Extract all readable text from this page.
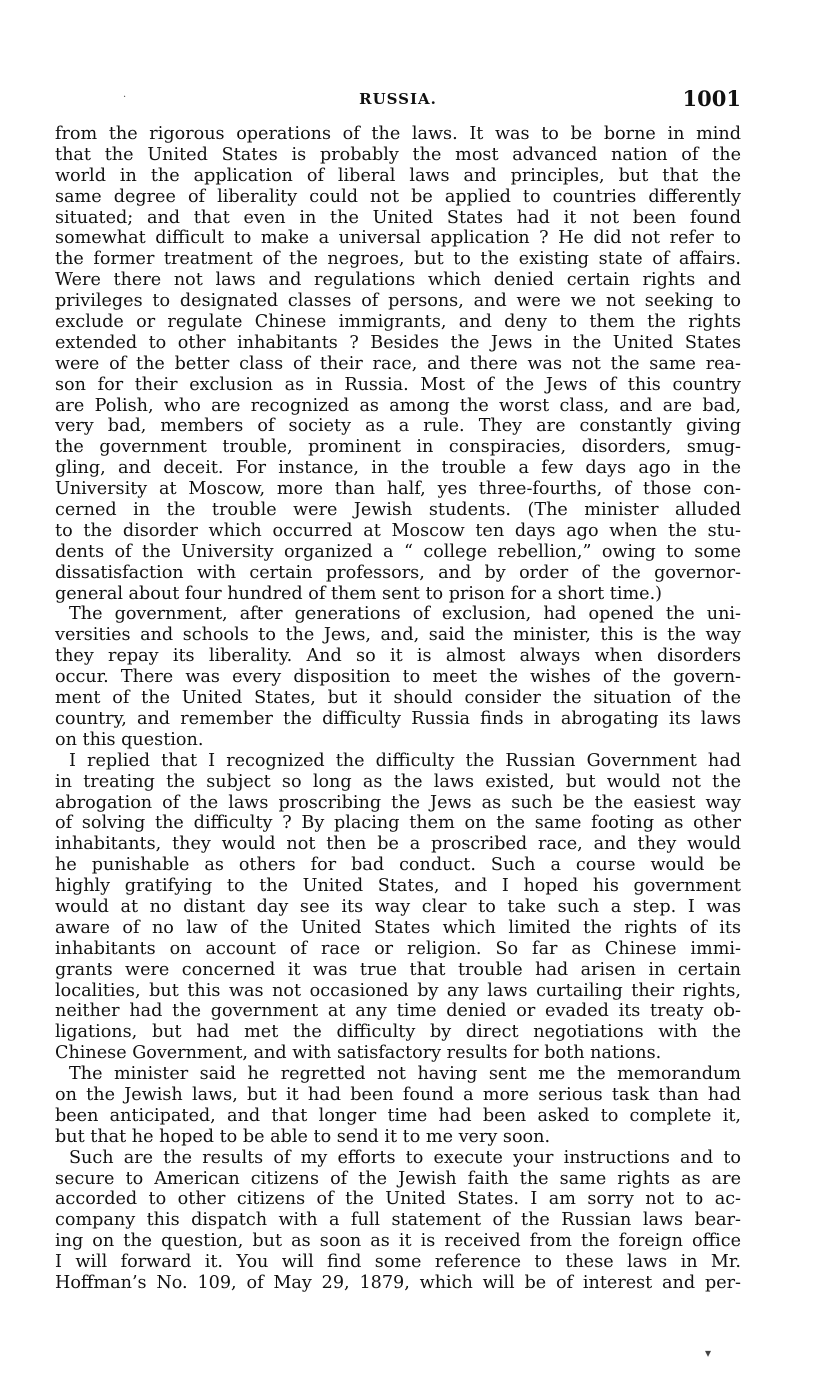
·	RUSSIA.	1001
from the rigorous operations of the laws. It was to be borne in mind
that the United States is probably the most advanced nation of the
world in the application of liberal laws and principles, but that the
same degree of liberality could not be applied to countries differently
situated; and that even in the United States had it not been found
somewhat difficult to make a universal application ? He did not refer to
the former treatment of the negroes, but to the existing state of affairs.
Were there not laws and regulations which denied certain rights and
privileges to designated classes of persons, and were we not seeking to
exclude or regulate Chinese immigrants, and deny to them the rights
extended to other inhabitants ? Besides the Jews in the United States
were of the better class of their race, and there was not the same rea-
son for their exclusion as in Russia. Most of the Jews of this country
are Polish, who are recognized as among the worst class, and are bad,
very bad, members of society as a rule. They are constantly giving
the government trouble, prominent in conspiracies, disorders, smug-
gling, and deceit. For instance, in the trouble a few days ago in the
University at Moscow, more than half, yes three-fourths, of those con-
cerned in the trouble were Jewish students. (The minister alluded
to the disorder which occurred at Moscow ten days ago when the stu-
dents of the University organized a “ college rebellion,” owing to some
dissatisfaction with certain professors, and by order of the governor-
general about four hundred of them sent to prison for a short time.)
The government, after generations of exclusion, had opened the uni-
versities and schools to the Jews, and, said the minister, this is the way
they repay its liberality. And so it is almost always when disorders
occur. There was every disposition to meet the wishes of the govern-
ment of the United States, but it should consider the situation of the
country, and remember the difficulty Russia finds in abrogating its laws
on this question.
I replied that I recognized the difficulty the Russian Government had
in treating the subject so long as the laws existed, but would not the
abrogation of the laws proscribing the Jews as such be the easiest way
of solving the difficulty ? By placing them on the same footing as other
inhabitants, they would not then be a proscribed race, and they would
he punishable as others for bad conduct. Such a course would be
highly gratifying to the United States, and I hoped his government
would at no distant day see its way clear to take such a step. I was
aware of no law of the United States which limited the rights of its
inhabitants on account of race or religion. So far as Chinese immi-
grants were concerned it was true that trouble had arisen in certain
localities, but this was not occasioned by any laws curtailing their rights,
neither had the government at any time denied or evaded its treaty ob-
ligations, but had met the difficulty by direct negotiations with the
Chinese Government, and with satisfactory results for both nations.
The minister said he regretted not having sent me the memorandum
on the Jewish laws, but it had been found a more serious task than had
been anticipated, and that longer time had been asked to complete it,
but that he hoped to be able to send it to me very soon.
Such are the results of my efforts to execute your instructions and to
secure to American citizens of the Jewish faith the same rights as are
accorded to other citizens of the United States. I am sorry not to ac-
company this dispatch with a full statement of the Russian laws bear-
ing on the question, but as soon as it is received from the foreign office
I will forward it. You will find some reference to these laws in Mr.
Hoffman’s No. 109, of May 29, 1879, which will be of interest and per-
▾
